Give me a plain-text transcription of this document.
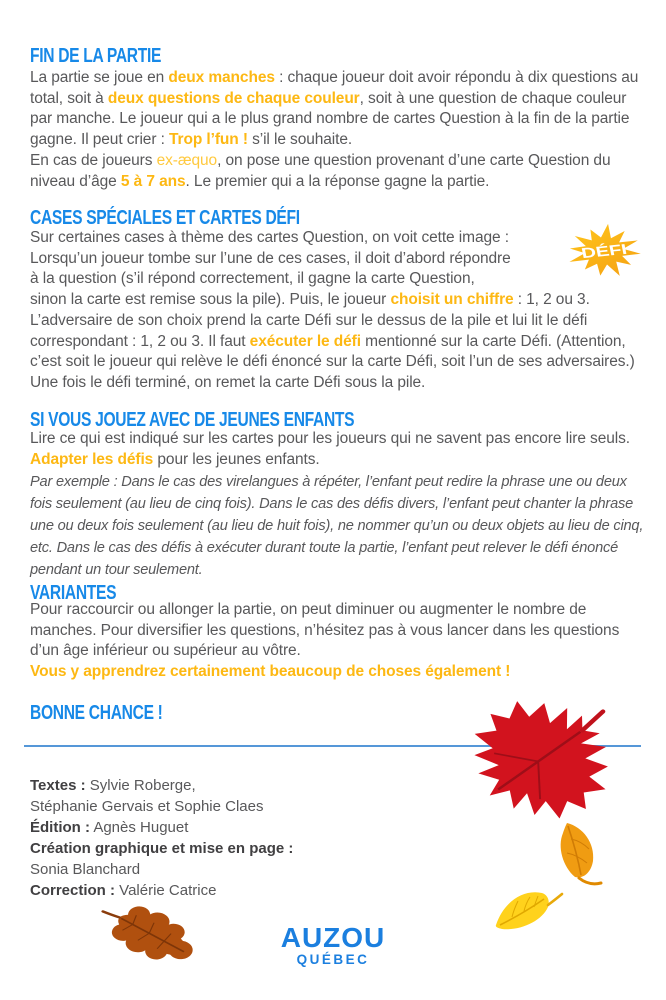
FIN DE LA PARTIE

La partie se joue en deux manches : chaque joueur doit avoir répondu à dix questions au total, soit à deux questions de chaque couleur, soit à une question de chaque couleur par manche. Le joueur qui a le plus grand nombre de cartes Question à la fin de la partie gagne. Il peut crier : Trop l’fun ! s’il le souhaite.
En cas de joueurs ex-æquo, on pose une question provenant d’une carte Question du niveau d’âge 5 à 7 ans. Le premier qui a la réponse gagne la partie.

CASES SPÉCIALES ET CARTES DÉFI

DÉFI
Sur certaines cases à thème des cartes Question, on voit cette image :
Lorsqu’un joueur tombe sur l’une de ces cases, il doit d’abord répondre
à la question (s’il répond correctement, il gagne la carte Question,
sinon la carte est remise sous la pile). Puis, le joueur choisit un chiffre : 1, 2 ou 3. L’adversaire de son choix prend la carte Défi sur le dessus de la pile et lui lit le défi correspondant : 1, 2 ou 3. Il faut exécuter le défi mentionné sur la carte Défi. (Attention, c’est soit le joueur qui relève le défi énoncé sur la carte Défi, soit l’un de ses adversaires.) Une fois le défi terminé, on remet la carte Défi sous la pile.

SI VOUS JOUEZ AVEC DE JEUNES ENFANTS

Lire ce qui est indiqué sur les cartes pour les joueurs qui ne savent pas encore lire seuls. Adapter les défis pour les jeunes enfants.

Par exemple : Dans le cas des virelangues à répéter, l’enfant peut redire la phrase une ou deux fois seulement (au lieu de cinq fois). Dans le cas des défis divers, l’enfant peut chanter la phrase une ou deux fois seulement (au lieu de huit fois), ne nommer qu’un ou deux objets au lieu de cinq, etc. Dans le cas des défis à exécuter durant toute la partie, l’enfant peut relever le défi énoncé pendant un tour seulement.

VARIANTES

Pour raccourcir ou allonger la partie, on peut diminuer ou augmenter le nombre de manches. Pour diversifier les questions, n’hésitez pas à vous lancer dans les questions d’un âge inférieur ou supérieur au vôtre.
Vous y apprendrez certainement beaucoup de choses également !

BONNE CHANCE !
Textes : Sylvie Roberge,
Stéphanie Gervais et Sophie Claes
Édition : Agnès Huguet
Création graphique et mise en page :
Sonia Blanchard
Correction : Valérie Catrice
AUZOU
QUÉBEC
